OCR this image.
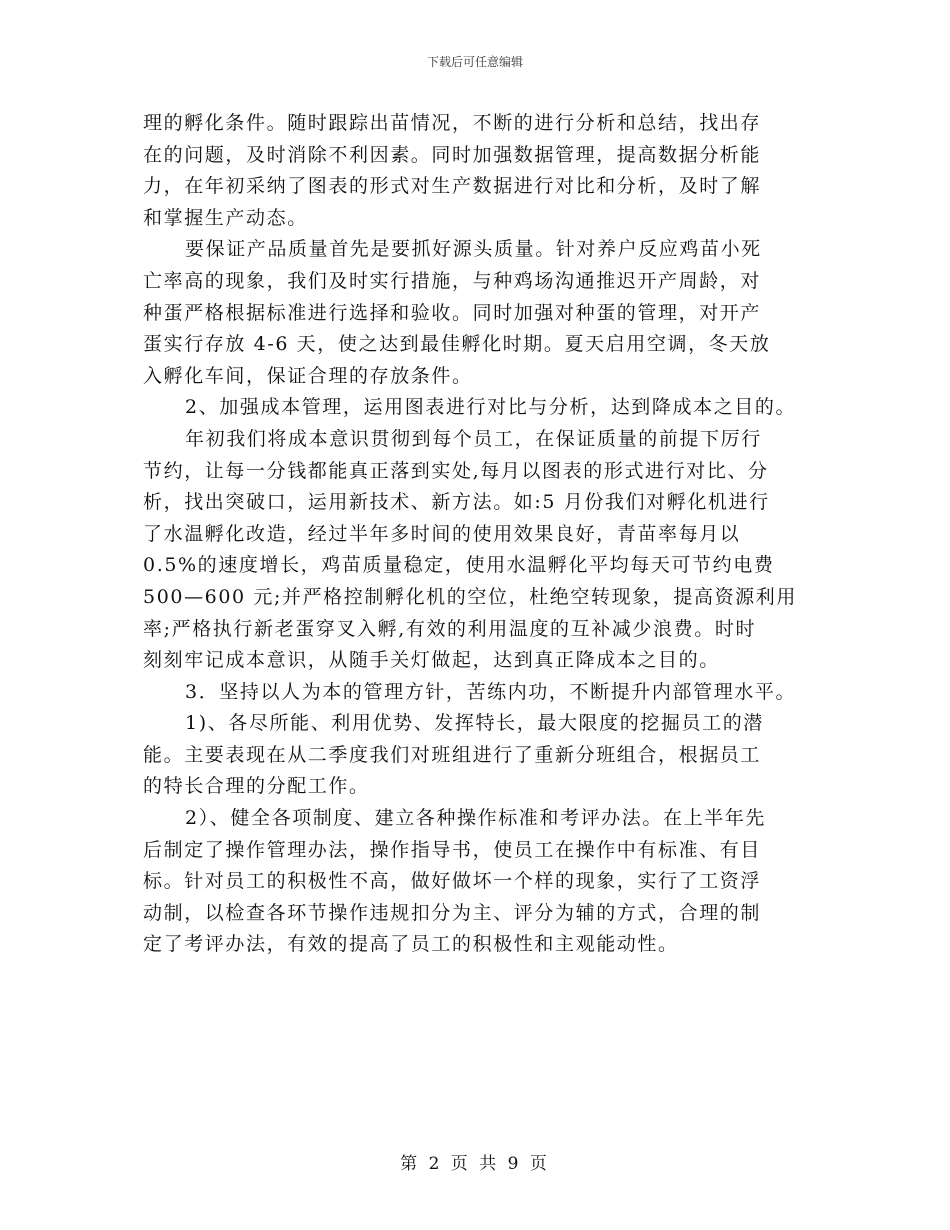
下载后可任意编辑
理的孵化条件。随时跟踪出苗情况，不断的进行分析和总结，找出存
在的问题，及时消除不利因素。同时加强数据管理，提高数据分析能
力，在年初采纳了图表的形式对生产数据进行对比和分析，及时了解
和掌握生产动态。
要保证产品质量首先是要抓好源头质量。针对养户反应鸡苗小死
亡率高的现象，我们及时实行措施，与种鸡场沟通推迟开产周龄，对
种蛋严格根据标准进行选择和验收。同时加强对种蛋的管理，对开产
蛋实行存放 4-6 天，使之达到最佳孵化时期。夏天启用空调，冬天放
入孵化车间，保证合理的存放条件。
2、加强成本管理，运用图表进行对比与分析，达到降成本之目的。
年初我们将成本意识贯彻到每个员工，在保证质量的前提下厉行
节约，让每一分钱都能真正落到实处,每月以图表的形式进行对比、分
析，找出突破口，运用新技术、新方法。如:5 月份我们对孵化机进行
了水温孵化改造，经过半年多时间的使用效果良好，青苗率每月以
0.5%的速度增长，鸡苗质量稳定，使用水温孵化平均每天可节约电费
500—600 元;并严格控制孵化机的空位，杜绝空转现象，提高资源利用
率;严格执行新老蛋穿叉入孵,有效的利用温度的互补减少浪费。时时
刻刻牢记成本意识，从随手关灯做起，达到真正降成本之目的。
3．坚持以人为本的管理方针，苦练内功，不断提升内部管理水平。
1)、各尽所能、利用优势、发挥特长，最大限度的挖掘员工的潜
能。主要表现在从二季度我们对班组进行了重新分班组合，根据员工
的特长合理的分配工作。
2）、健全各项制度、建立各种操作标准和考评办法。在上半年先
后制定了操作管理办法，操作指导书，使员工在操作中有标准、有目
标。针对员工的积极性不高，做好做坏一个样的现象，实行了工资浮
动制，以检查各环节操作违规扣分为主、评分为辅的方式，合理的制
定了考评办法，有效的提高了员工的积极性和主观能动性。
第 2 页 共 9 页
